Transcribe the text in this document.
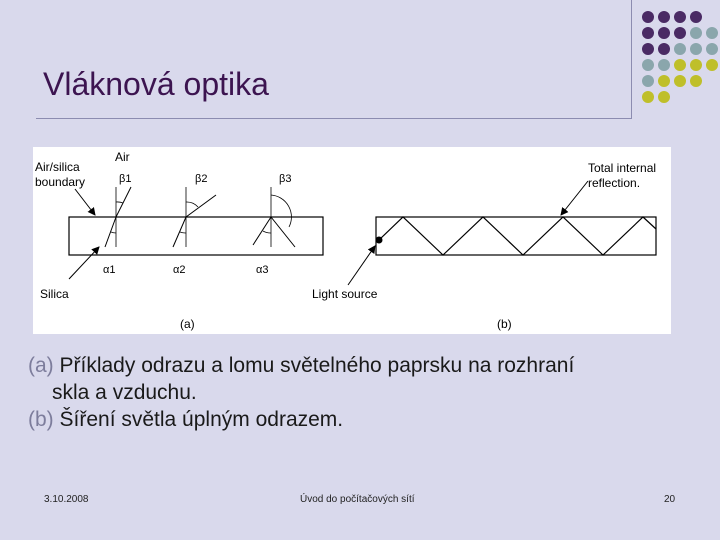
Vláknová optika
Air
Air/silica
boundary	β1	β2	β3
α1	α2	α3
Silica
(a)
Total internal
reflection.
Light source
(b)

(a) Příklady odrazu a lomu světelného paprsku na rozhraní

skla a vzduchu.

(b) Šíření světla úplným odrazem.

3.10.2008	Úvod do počítačových sítí	20
